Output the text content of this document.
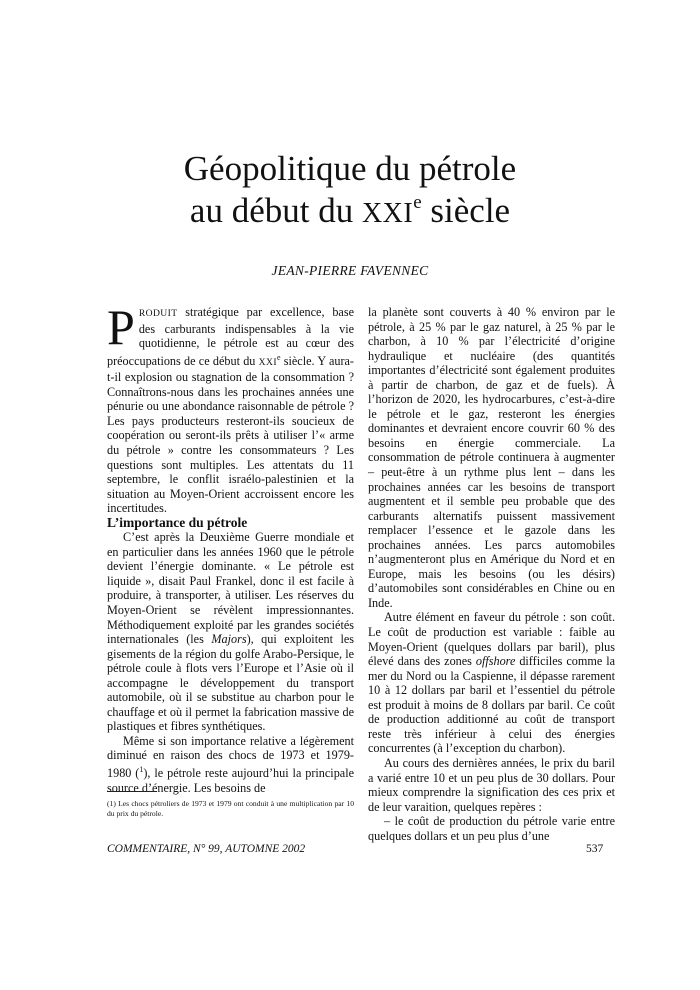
Géopolitique du pétrole
au début du XXIe siècle
JEAN-PIERRE FAVENNEC

PRODUIT stratégique par excellence, base des carburants indispensables à la vie quotidienne, le pétrole est au cœur des préoccupations de ce début du XXIe siècle. Y aura-t-il explosion ou stagnation de la consommation ? Connaîtrons-nous dans les prochaines années une pénurie ou une abondance raisonnable de pétrole ? Les pays producteurs resteront-ils soucieux de coopération ou seront-ils prêts à utiliser l’« arme du pétrole » contre les consommateurs ? Les questions sont multiples. Les attentats du 11 septembre, le conflit israélo-palestinien et la situation au Moyen-Orient accroissent encore les incertitudes.

L’importance du pétrole

C’est après la Deuxième Guerre mondiale et en particulier dans les années 1960 que le pétrole devient l’énergie dominante. « Le pétrole est liquide », disait Paul Frankel, donc il est facile à produire, à transporter, à utiliser. Les réserves du Moyen-Orient se révèlent impressionnantes. Méthodiquement exploité par les grandes sociétés internationales (les Majors), qui exploitent les gisements de la région du golfe Arabo-Persique, le pétrole coule à flots vers l’Europe et l’Asie où il accompagne le développement du transport automobile, où il se substitue au charbon pour le chauffage et où il permet la fabrication massive de plastiques et fibres synthétiques.

Même si son importance relative a légèrement diminué en raison des chocs de 1973 et 1979-1980 ($^1$), le pétrole reste aujourd’hui la principale source d’énergie. Les besoins de

la planète sont couverts à 40 % environ par le pétrole, à 25 % par le gaz naturel, à 25 % par le charbon, à 10 % par l’électricité d’origine hydraulique et nucléaire (des quantités importantes d’électricité sont également produites à partir de charbon, de gaz et de fuels). À l’horizon de 2020, les hydrocarbures, c’est-à-dire le pétrole et le gaz, resteront les énergies dominantes et devraient encore couvrir 60 % des besoins en énergie commerciale. La consommation de pétrole continuera à augmenter – peut-être à un rythme plus lent – dans les prochaines années car les besoins de transport augmentent et il semble peu probable que des carburants alternatifs puissent massivement remplacer l’essence et le gazole dans les prochaines années. Les parcs automobiles n’augmenteront plus en Amérique du Nord et en Europe, mais les besoins (ou les désirs) d’automobiles sont considérables en Chine ou en Inde.

Autre élément en faveur du pétrole : son coût. Le coût de production est variable : faible au Moyen-Orient (quelques dollars par baril), plus élevé dans des zones offshore difficiles comme la mer du Nord ou la Caspienne, il dépasse rarement 10 à 12 dollars par baril et l’essentiel du pétrole est produit à moins de 8 dollars par baril. Ce coût de production additionné au coût de transport reste très inférieur à celui des énergies concurrentes (à l’exception du charbon).

Au cours des dernières années, le prix du baril a varié entre 10 et un peu plus de 30 dollars. Pour mieux comprendre la signification des ces prix et de leur varaition, quelques repères :

– le coût de production du pétrole varie entre quelques dollars et un peu plus d’une

(1) Les chocs pétroliers de 1973 et 1979 ont conduit à une multiplication par 10 du prix du pétrole.
COMMENTAIRE, N° 99, AUTOMNE 2002	537
